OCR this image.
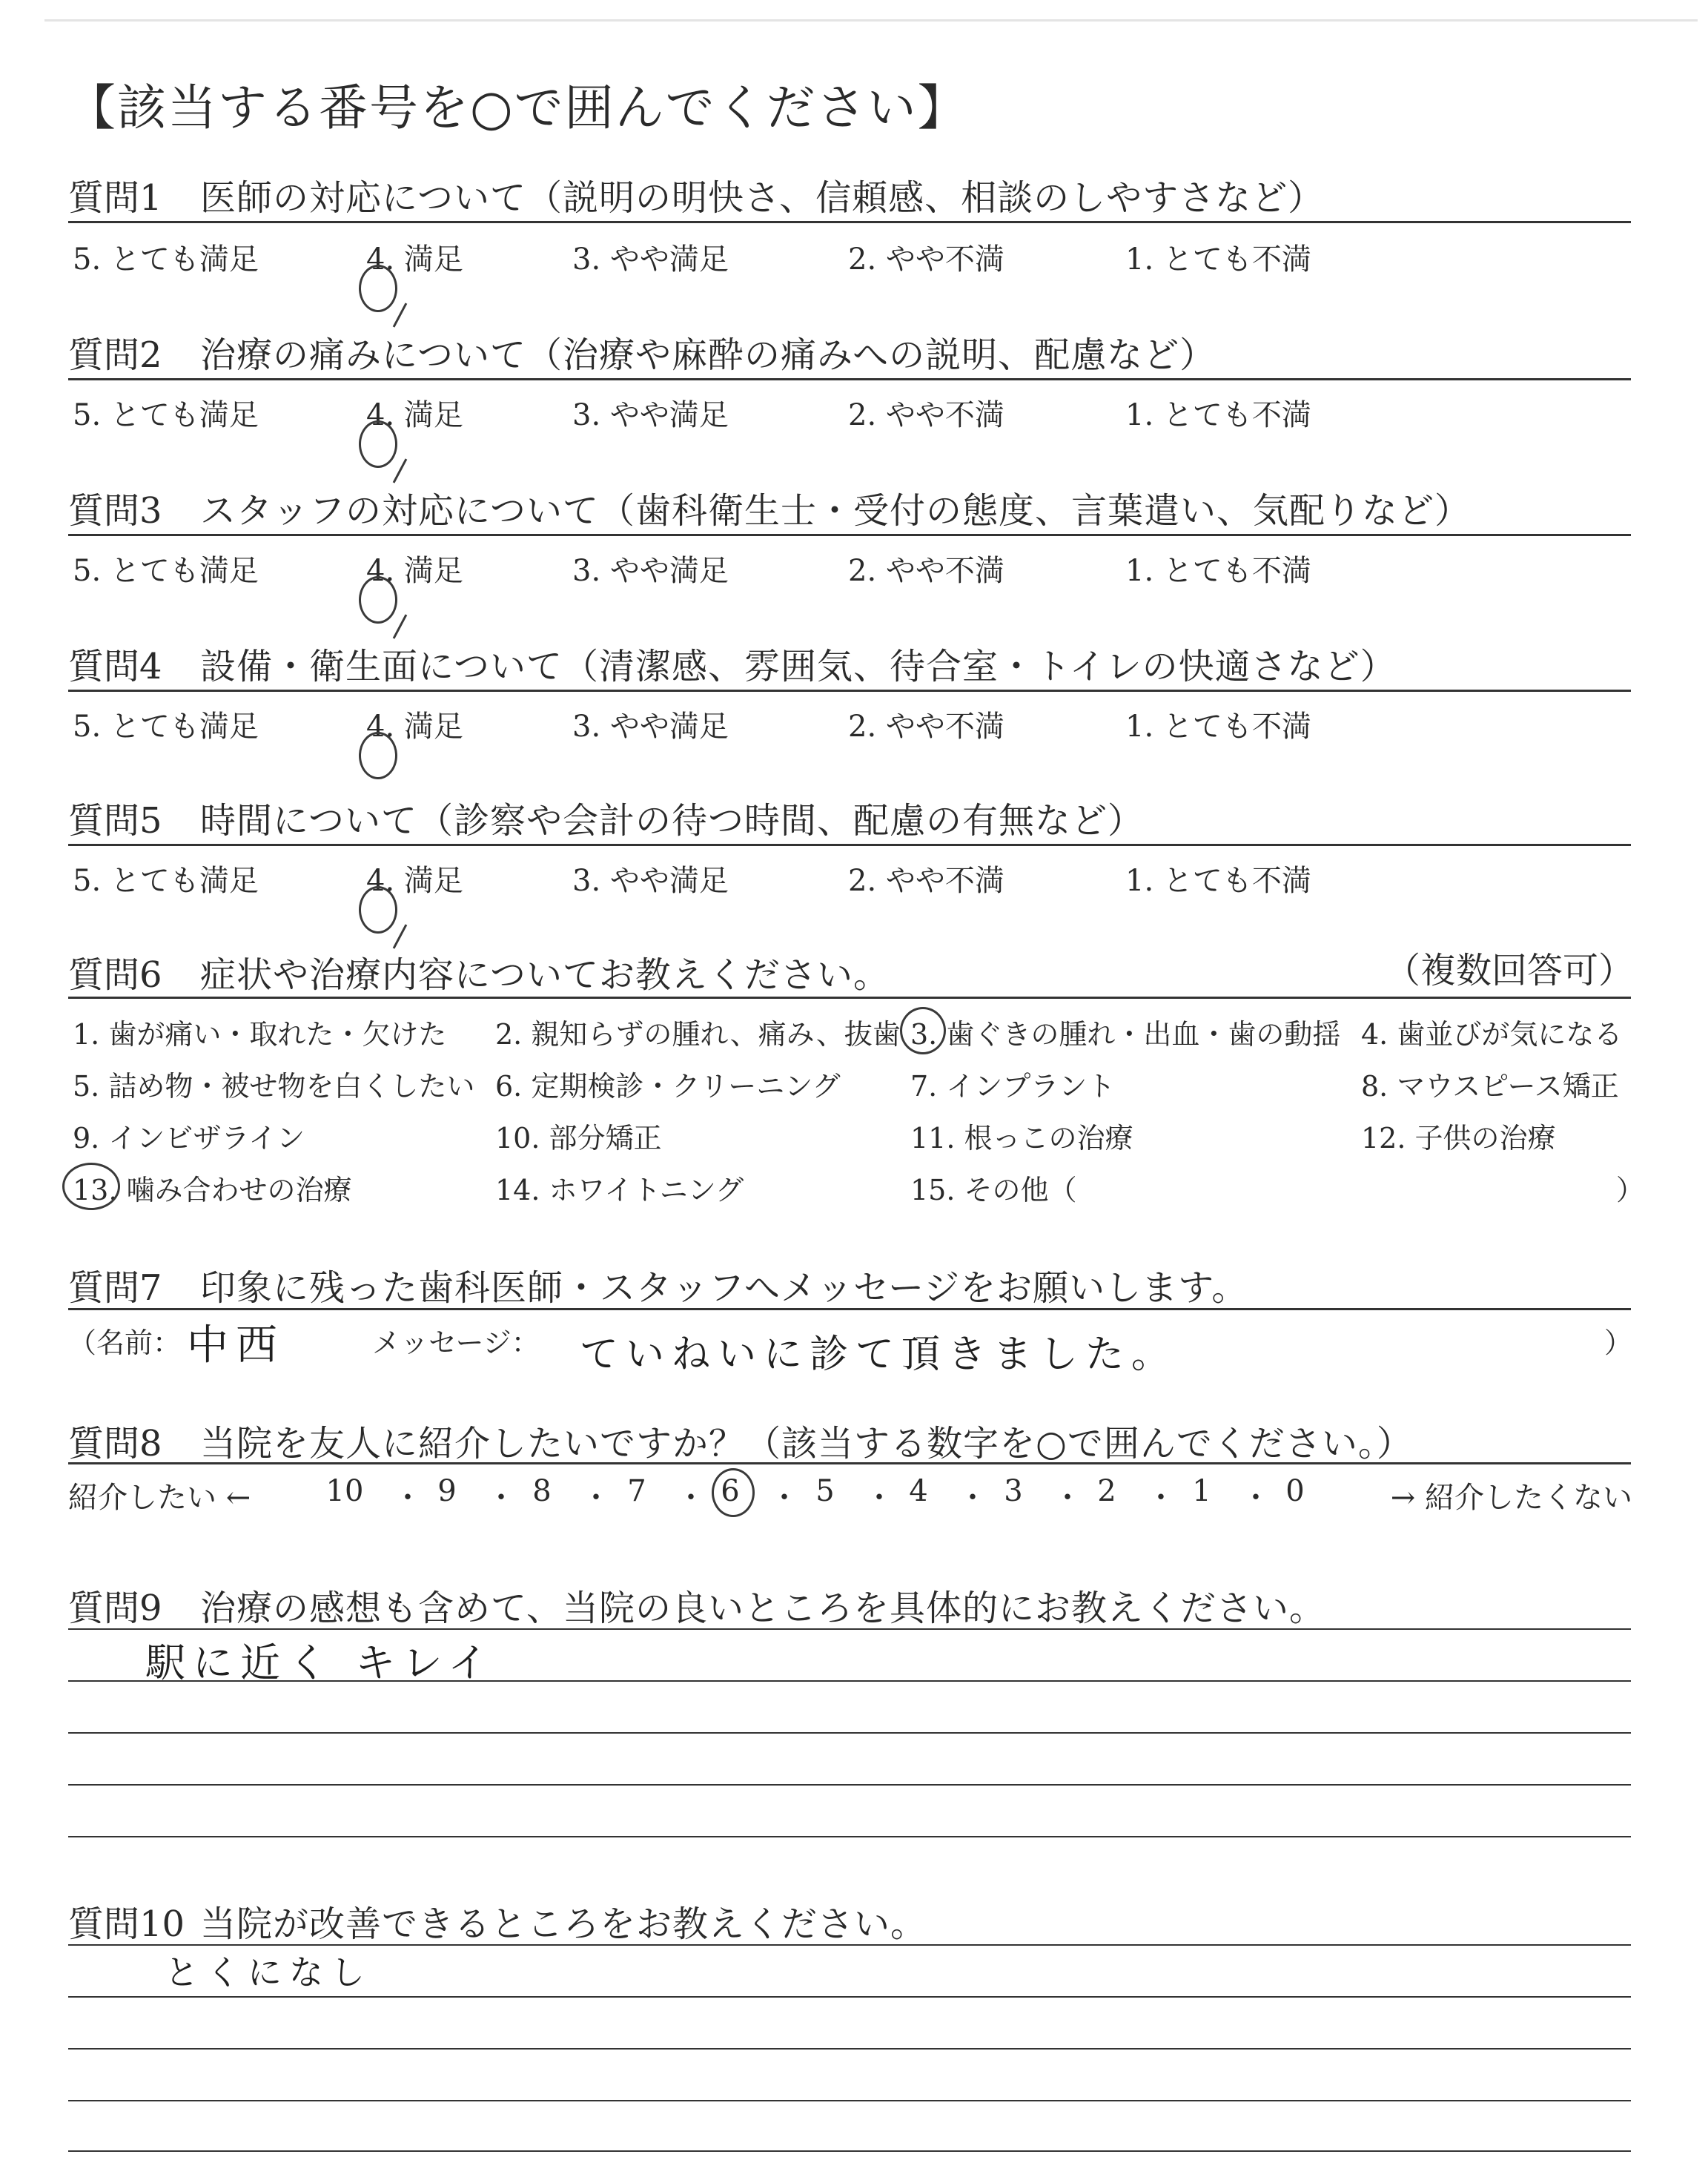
【該当する番号を○で囲んでください】
質問1 医師の対応について（説明の明快さ、信頼感、相談のしやすさなど）
5. とても満足	4. 満足	3. やや満足	2. やや不満	1. とても不満
質問2 治療の痛みについて（治療や麻酔の痛みへの説明、配慮など）
5. とても満足	4. 満足	3. やや満足	2. やや不満	1. とても不満
質問3 スタッフの対応について（歯科衛生士・受付の態度、言葉遣い、気配りなど）
5. とても満足	4. 満足	3. やや満足	2. やや不満	1. とても不満
質問4 設備・衛生面について（清潔感、雰囲気、待合室・トイレの快適さなど）
5. とても満足	4. 満足	3. やや満足	2. やや不満	1. とても不満
質問5 時間について（診察や会計の待つ時間、配慮の有無など）
5. とても満足	4. 満足	3. やや満足	2. やや不満	1. とても不満
質問6 症状や治療内容についてお教えください。	（複数回答可）
1. 歯が痛い・取れた・欠けた 2. 親知らずの腫れ、痛み、抜歯 3. 歯ぐきの腫れ・出血・歯の動揺 4. 歯並びが気になる
5. 詰め物・被せ物を白くしたい 6. 定期検診・クリーニング 7. インプラント	8. マウスピース矯正
9. インビザライン	10. 部分矯正	11. 根っこの治療	12. 子供の治療
13. 噛み合わせの治療	14. ホワイトニング	15. その他（	）
質問7 印象に残った歯科医師・スタッフへメッセージをお願いします。
（名前： 中西	メッセージ： ていねいに診て頂きました。	）
質問8 当院を友人に紹介したいですか？（該当する数字を○で囲んでください。）
紹介したい ←	10 ・ 9	・ 8	・ 7	・ 6	・ 5	・ 4	・ 3	・ 2	・ 1	・ 0	→ 紹介したくない
質問9 治療の感想も含めて、当院の良いところを具体的にお教えください。
駅に近く キレイ
質問10 当院が改善できるところをお教えください。
とくになし
